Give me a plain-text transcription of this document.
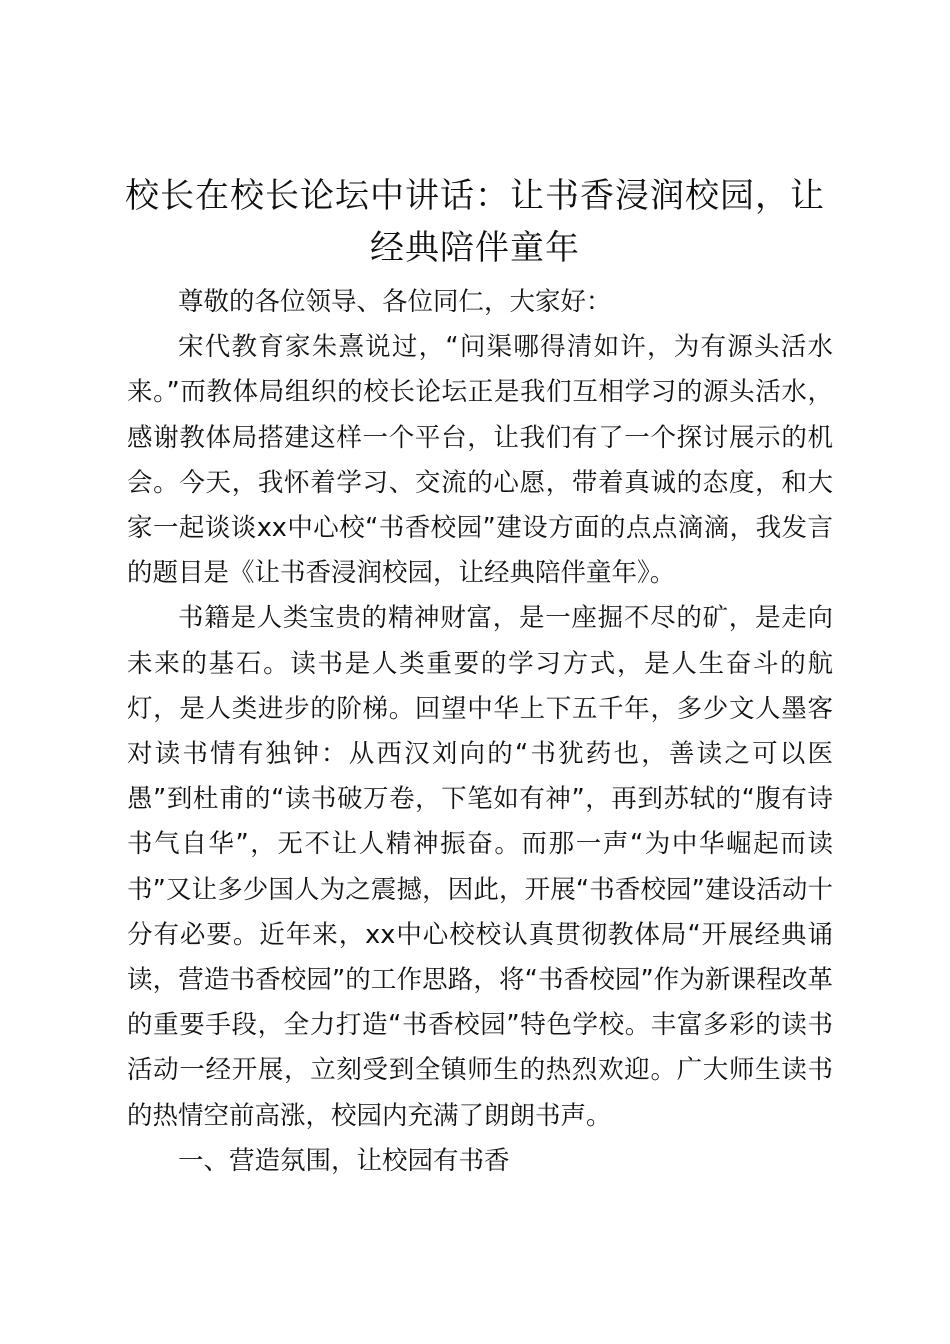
校长在校长论坛中讲话：让书香浸润校园，让经典陪伴童年

尊敬的各位领导、各位同仁，大家好：

宋代教育家朱熹说过，“问渠哪得清如许，为有源头活水来。”而教体局组织的校长论坛正是我们互相学习的源头活水，感谢教体局搭建这样一个平台，让我们有了一个探讨展示的机会。今天，我怀着学习、交流的心愿，带着真诚的态度，和大家一起谈谈xx中心校“书香校园”建设方面的点点滴滴，我发言的题目是《让书香浸润校园，让经典陪伴童年》。

书籍是人类宝贵的精神财富，是一座掘不尽的矿，是走向未来的基石。读书是人类重要的学习方式，是人生奋斗的航灯，是人类进步的阶梯。回望中华上下五千年，多少文人墨客对读书情有独钟：从西汉刘向的“书犹药也，善读之可以医愚”到杜甫的“读书破万卷，下笔如有神”，再到苏轼的“腹有诗书气自华”，无不让人精神振奋。而那一声“为中华崛起而读书”又让多少国人为之震撼，因此，开展“书香校园”建设活动十分有必要。近年来，xx中心校校认真贯彻教体局“开展经典诵读，营造书香校园”的工作思路，将“书香校园”作为新课程改革的重要手段，全力打造“书香校园”特色学校。丰富多彩的读书活动一经开展，立刻受到全镇师生的热烈欢迎。广大师生读书的热情空前高涨，校园内充满了朗朗书声。

一、营造氛围，让校园有书香
